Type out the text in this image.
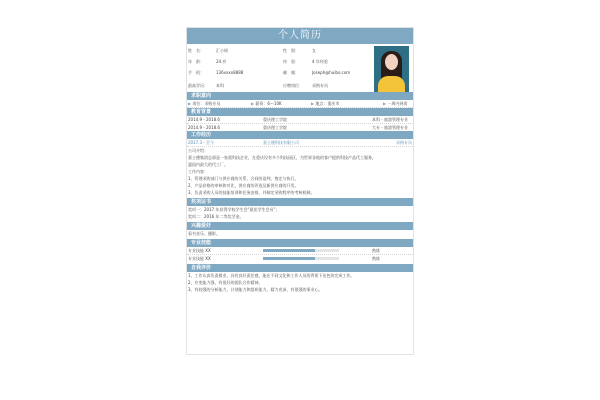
个人简历
姓　名：	汇小瑶	性　别：	女
年　龄：	24.岁	经　验：	4 年经验
手　机：	136xxxx8888	邮　箱：	Joseph@huibo.com
最高学历： 本科	应聘岗位： 采购专员
求职意向
▶ 岗位：采购专员	▶ 薪资：6～10K	▶ 地点：重庆市	▶ 一周内到岗
教育背景
2014.9 - 2018.6	重庆理工学院	本科 - 旅游管理专业
2014.9 - 2018.6	重庆理工学院	大专 - 旅游管理专业
工作经历
2017.3 - 至今	嘉士德科技有限公司	采购专员
公司介绍：
嘉士德集团总部是一家重科技企业，在重庆设有多个科技园区，为世界各地的客户提供科技产品代工服务，
惠国内最大的代工厂。
工作内容：
1、管理采购部门与供应商的关系，合同的谈判，签定与执行。
2、产品价格的审核和对比，供应商的评选及新供应商的开发。
3、负责采购人员的技能培训和任务安排，并制定采购程序的考核机制。
奖项证书
奖项一：2017 年获得学校学生会“最佳学生会员”；
奖项二：2016 年二等奖学金。
兴趣爱好
看书音乐、播影。
专业技能
专业技能 XX	熟练
专业技能 XX	熟练
自我评价
1、工作认真负责敬业，具有良好责任感，能在不同文化和工作人员的背景下出色的完成工作。
2、应变能力强，有很好的团队合作精神。
3、有较强的分析能力，计划能力和组织能力，精力充沛，有很强的事业心。
